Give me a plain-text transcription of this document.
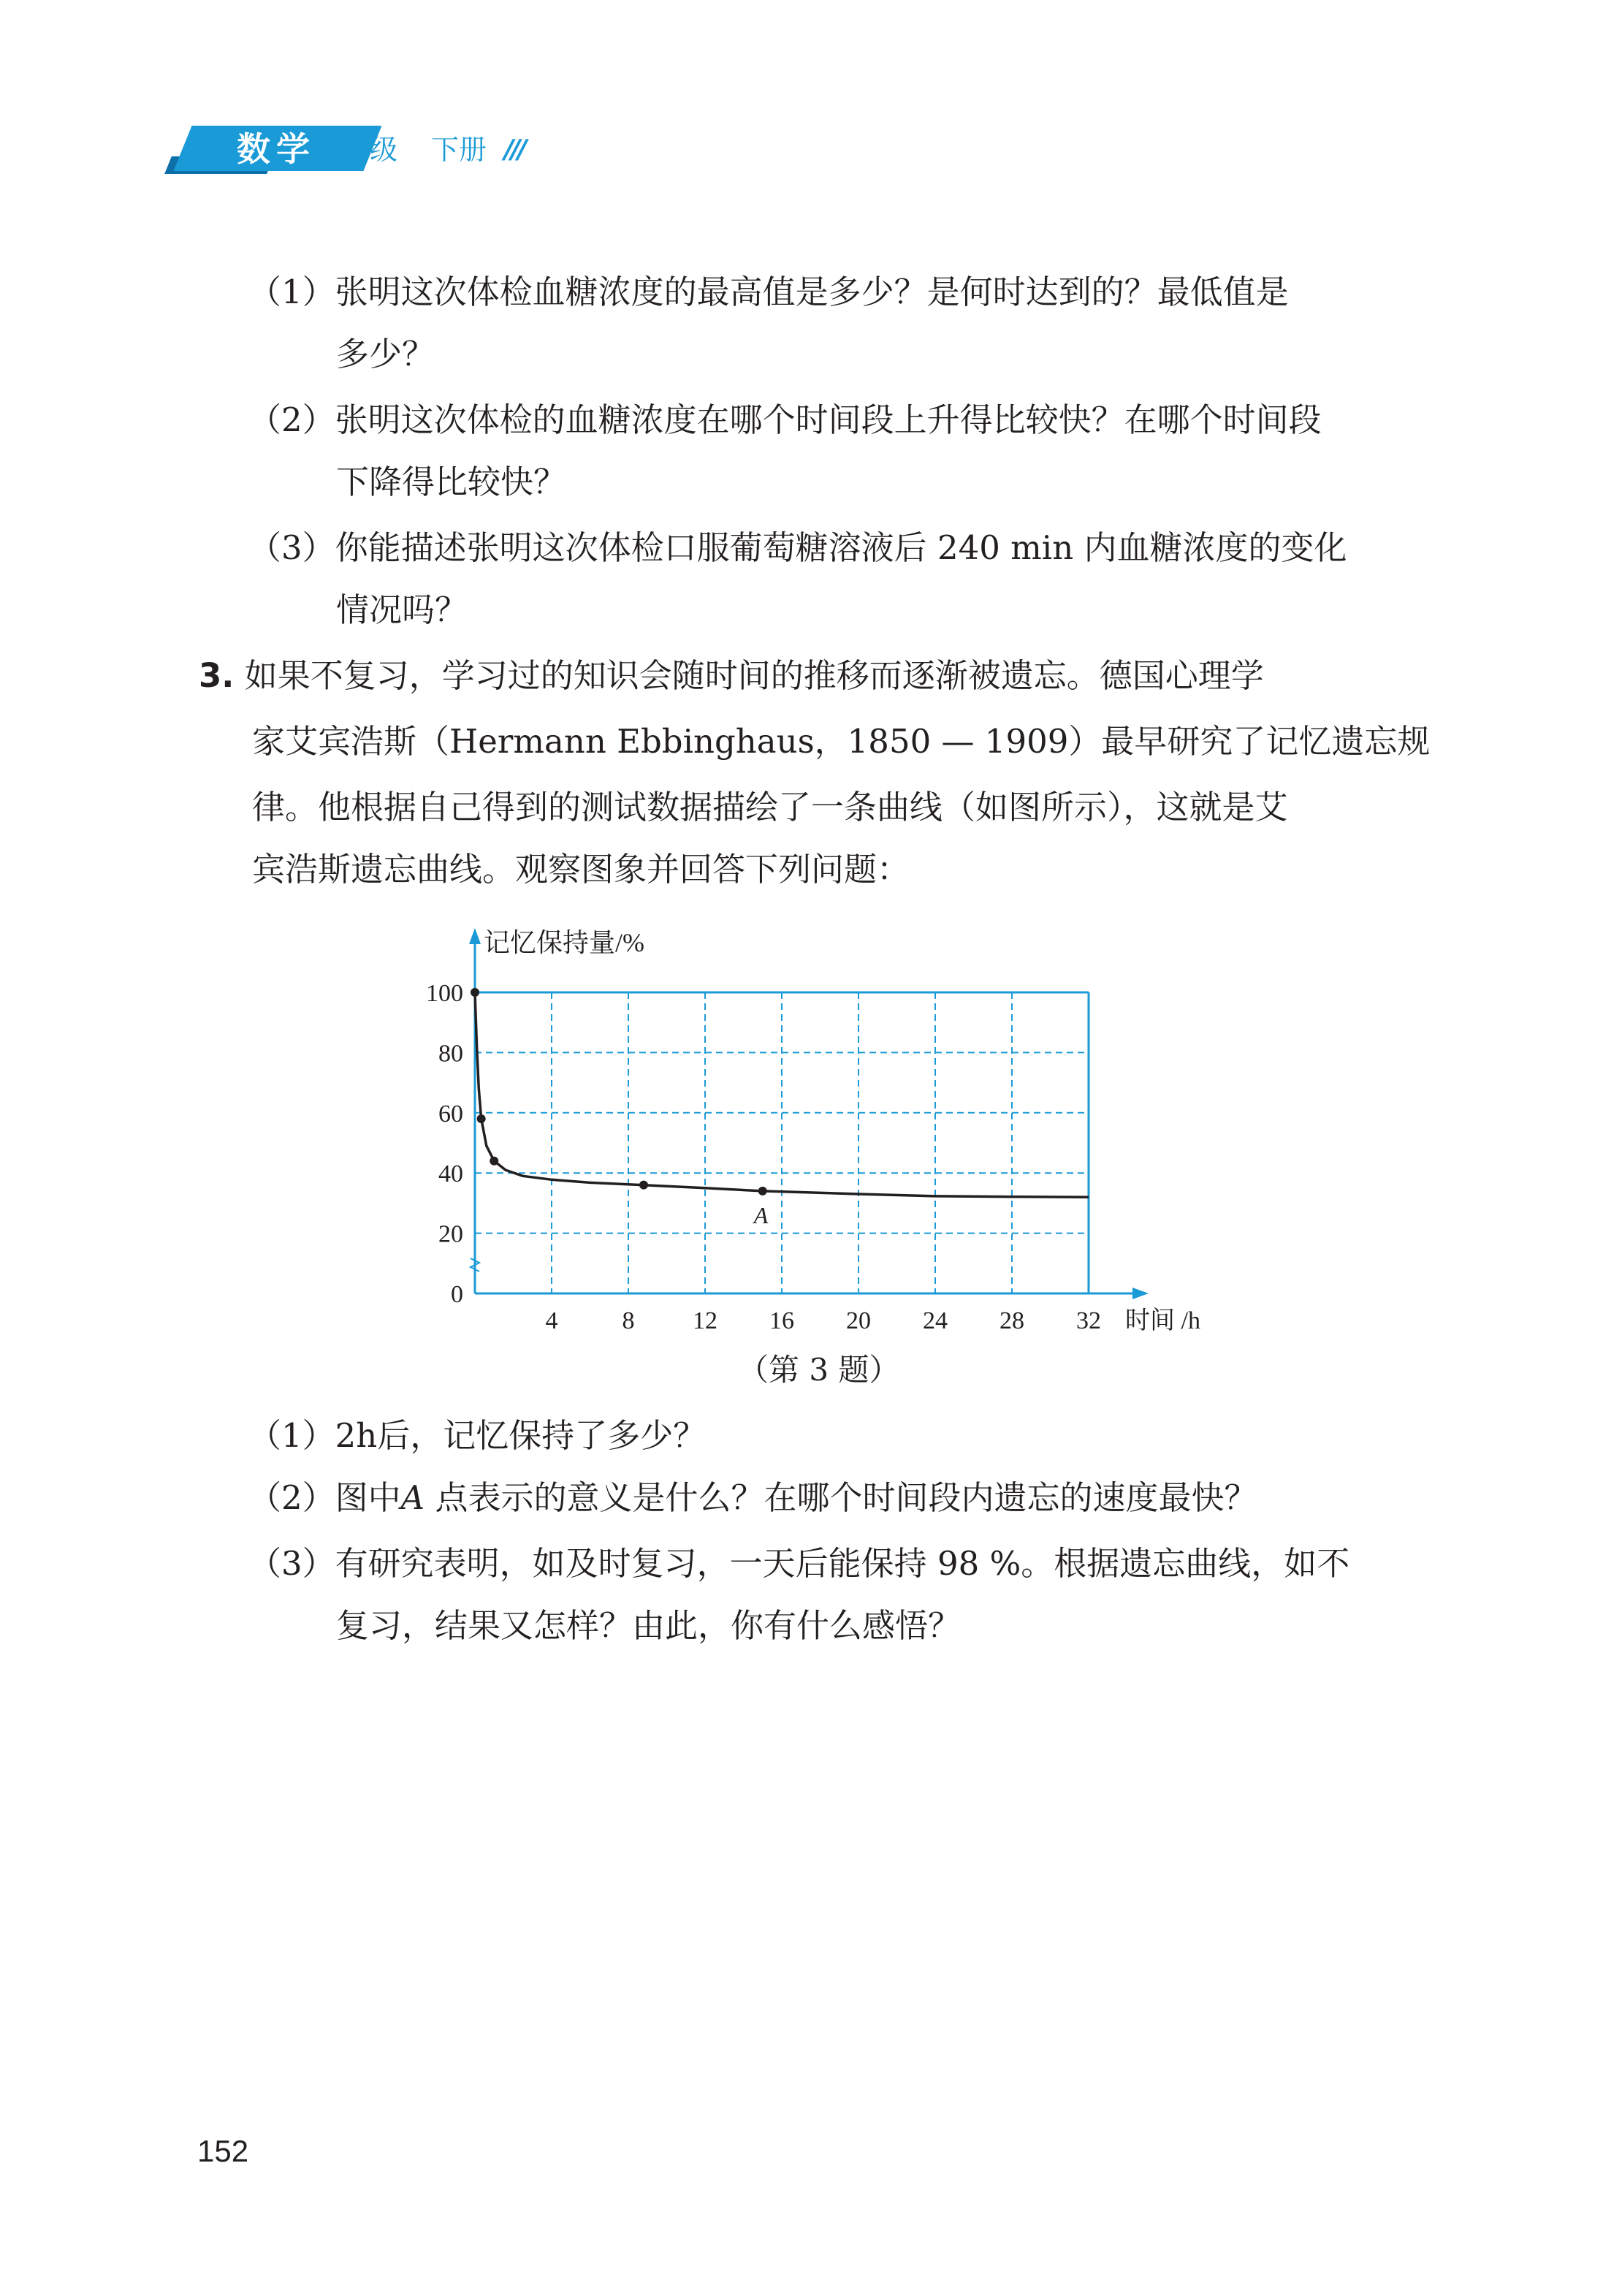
数学
六年级 下册 ///
（1）张明这次体检血糖浓度的最高值是多少？是何时达到的？最低值是
多少？
（2）张明这次体检的血糖浓度在哪个时间段上升得比较快？在哪个时间段
下降得比较快？
（3）你能描述张明这次体检口服葡萄糖溶液后 240 min 内血糖浓度的变化
情况吗？
3. 如果不复习，学习过的知识会随时间的推移而逐渐被遗忘。德国心理学
家艾宾浩斯（Hermann Ebbinghaus，1850 — 1909）最早研究了记忆遗忘规
律。他根据自己得到的测试数据描绘了一条曲线（如图所示），这就是艾
宾浩斯遗忘曲线。观察图象并回答下列问题：
4	8 12 16 20 24 28 32
0
20
40
60
80
100
记忆保持量/%
时间 /h
A
（第 3 题）
（1）2h后，记忆保持了多少？
（2）图中A 点表示的意义是什么？在哪个时间段内遗忘的速度最快？
（3）有研究表明，如及时复习，一天后能保持 98 %。根据遗忘曲线，如不
复习，结果又怎样？由此，你有什么感悟？
152
